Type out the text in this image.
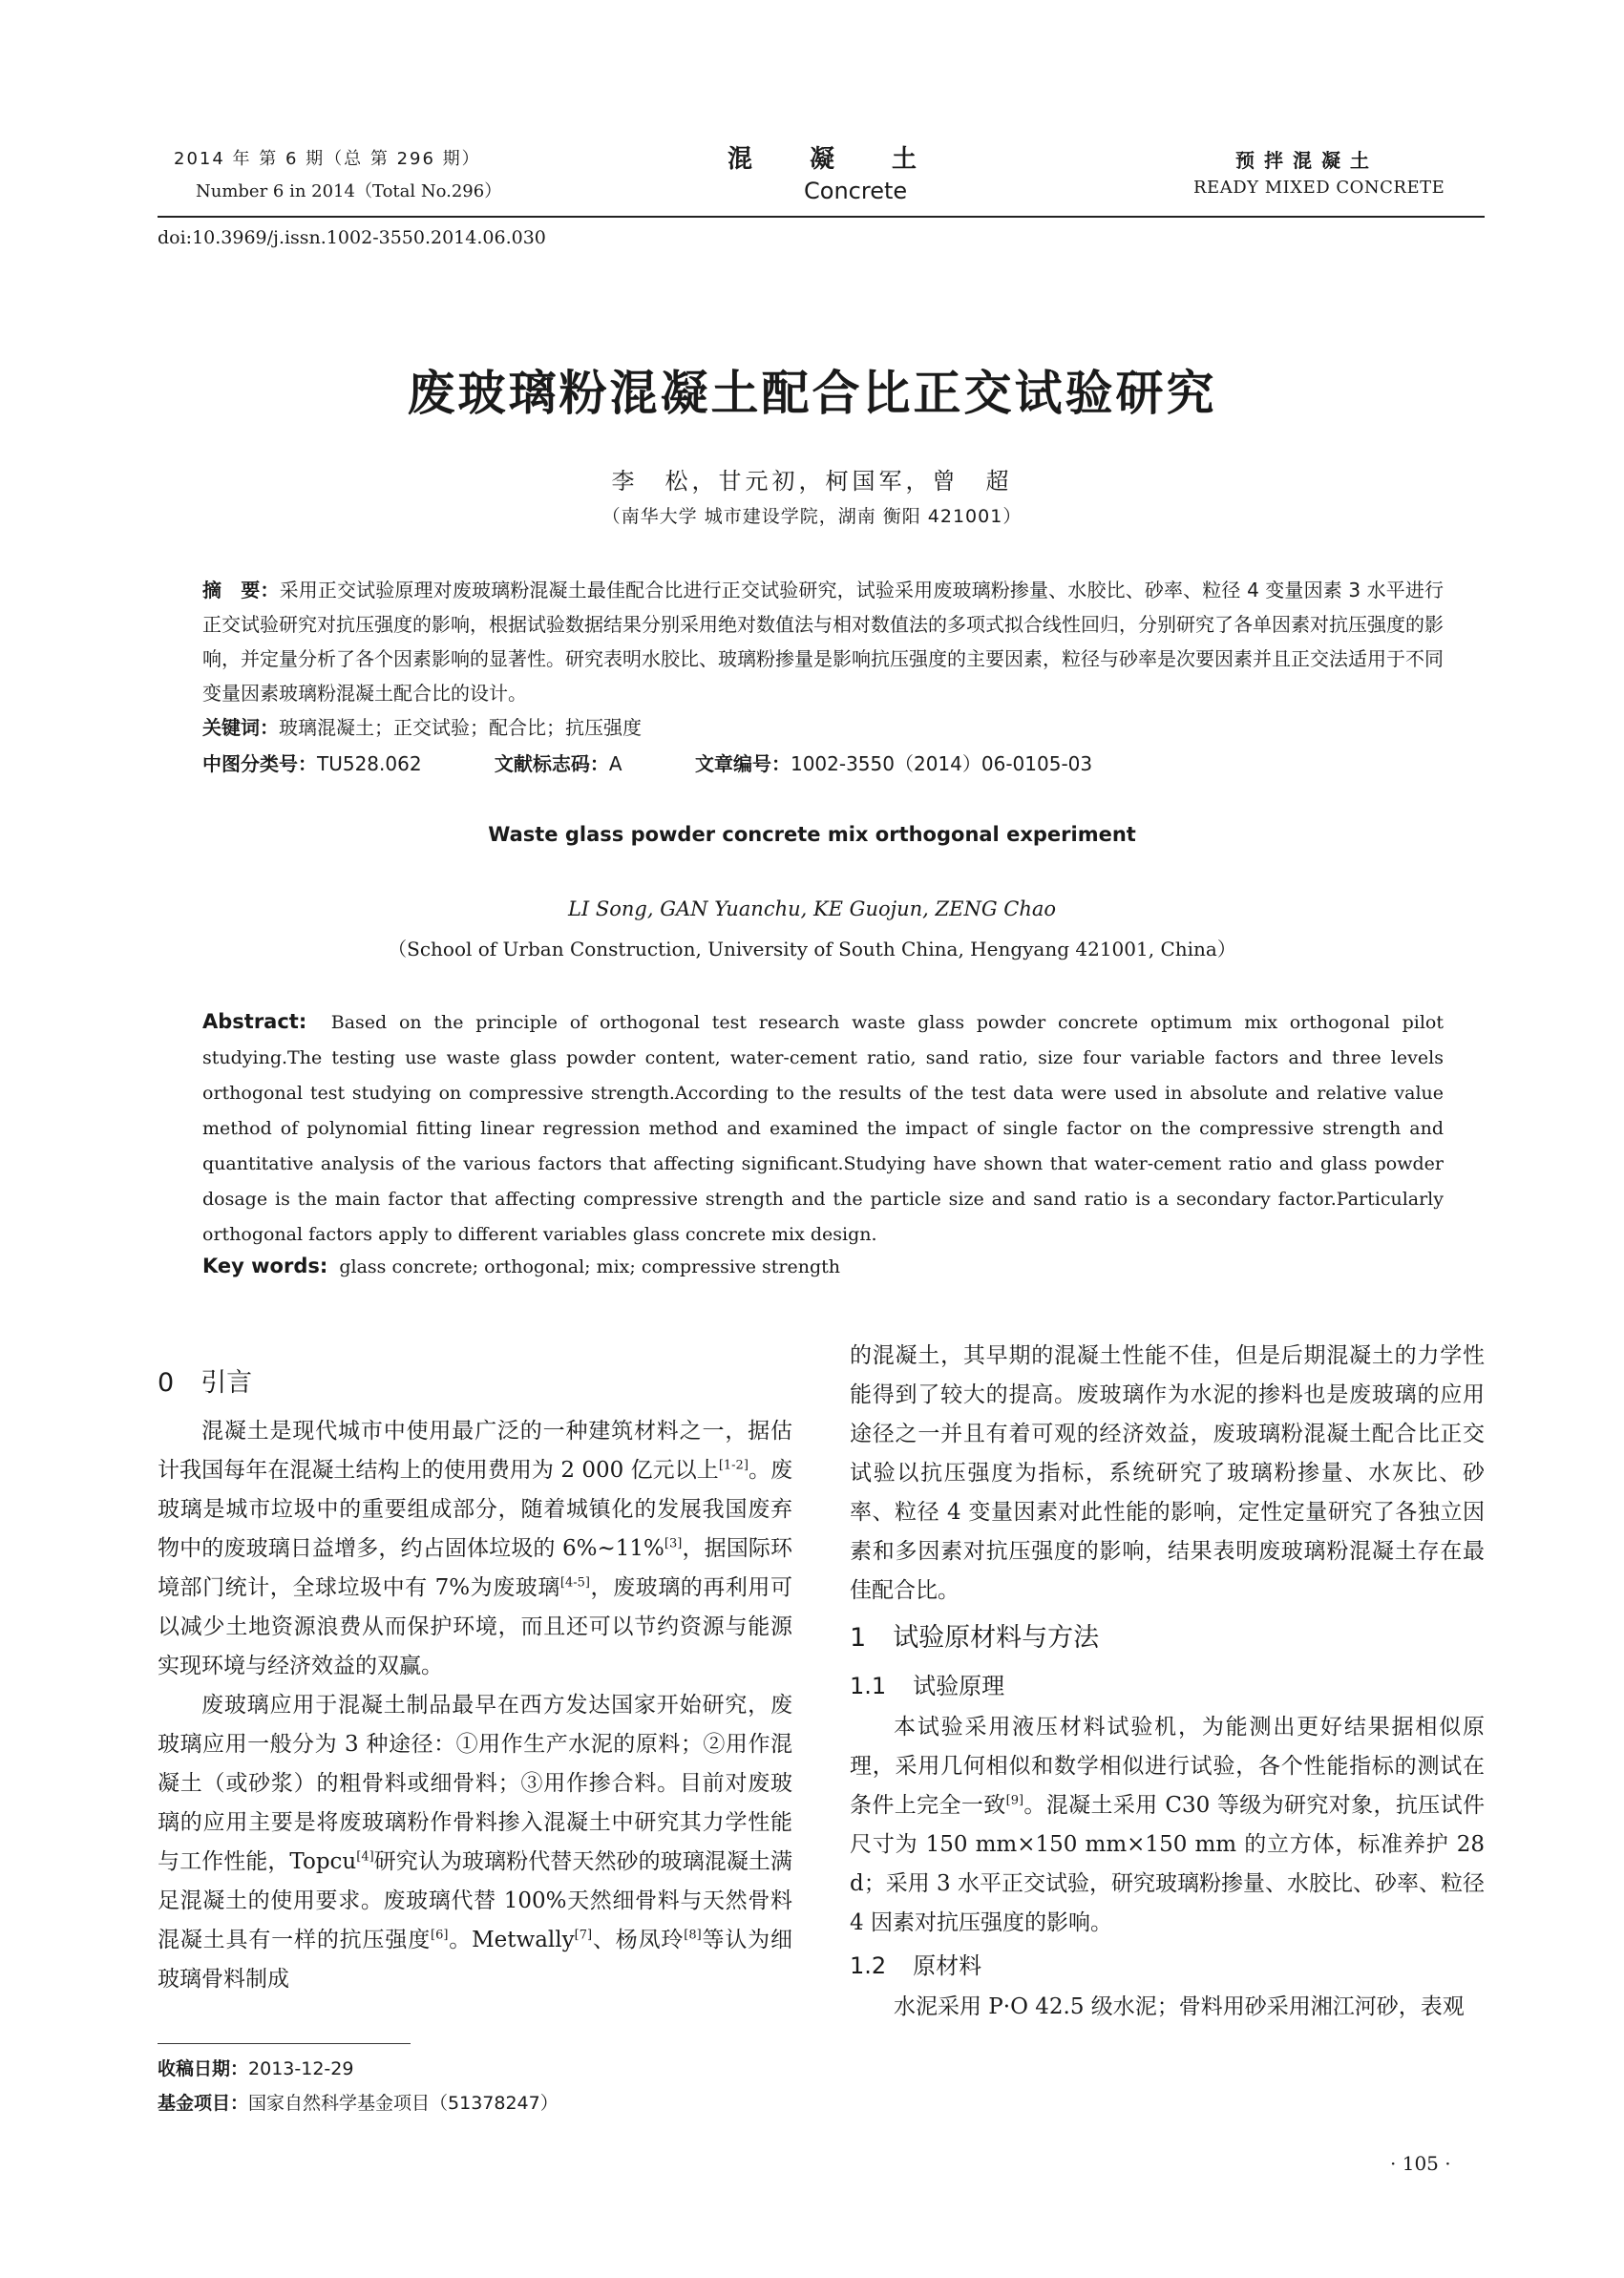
2014 年 第 6 期（总 第 296 期）
Number 6 in 2014（Total No.296）
混凝土
Concrete
预拌混凝土
READY MIXED CONCRETE
doi:10.3969/j.issn.1002-3550.2014.06.030
废玻璃粉混凝土配合比正交试验研究
李　松，甘元初，柯国军，曾　超
（南华大学 城市建设学院，湖南 衡阳 421001）
摘　要：采用正交试验原理对废玻璃粉混凝土最佳配合比进行正交试验研究，试验采用废玻璃粉掺量、水胶比、砂率、粒径 4 变量因素 3 水平进行正交试验研究对抗压强度的影响，根据试验数据结果分别采用绝对数值法与相对数值法的多项式拟合线性回归，分别研究了各单因素对抗压强度的影响，并定量分析了各个因素影响的显著性。研究表明水胶比、玻璃粉掺量是影响抗压强度的主要因素，粒径与砂率是次要因素并且正交法适用于不同变量因素玻璃粉混凝土配合比的设计。
关键词：玻璃混凝土；正交试验；配合比；抗压强度
中图分类号：TU528.062	文献标志码：A	文章编号：1002-3550（2014）06-0105-03
Waste glass powder concrete mix orthogonal experiment
LI Song, GAN Yuanchu, KE Guojun, ZENG Chao
（School of Urban Construction, University of South China, Hengyang 421001, China）
Abstract: Based on the principle of orthogonal test research waste glass powder concrete optimum mix orthogonal pilot studying.The testing use waste glass powder content, water-cement ratio, sand ratio, size four variable factors and three levels orthogonal test studying on compressive strength.According to the results of the test data were used in absolute and relative value method of polynomial fitting linear regression method and examined the impact of single factor on the compressive strength and quantitative analysis of the various factors that affecting significant.Studying have shown that water-cement ratio and glass powder dosage is the main factor that affecting compressive strength and the particle size and sand ratio is a secondary factor.Particularly orthogonal factors apply to different variables glass concrete mix design.
Key words: glass concrete; orthogonal; mix; compressive strength
0 引言

混凝土是现代城市中使用最广泛的一种建筑材料之一，据估计我国每年在混凝土结构上的使用费用为 2 000 亿元以上[1-2]。废玻璃是城市垃圾中的重要组成部分，随着城镇化的发展我国废弃物中的废玻璃日益增多，约占固体垃圾的 6%~11%[3]，据国际环境部门统计，全球垃圾中有 7%为废玻璃[4-5]，废玻璃的再利用可以减少土地资源浪费从而保护环境，而且还可以节约资源与能源实现环境与经济效益的双赢。

废玻璃应用于混凝土制品最早在西方发达国家开始研究，废玻璃应用一般分为 3 种途径：①用作生产水泥的原料；②用作混凝土（或砂浆）的粗骨料或细骨料；③用作掺合料。目前对废玻璃的应用主要是将废玻璃粉作骨料掺入混凝土中研究其力学性能与工作性能，Topcu[4]研究认为玻璃粉代替天然砂的玻璃混凝土满足混凝土的使用要求。废玻璃代替 100%天然细骨料与天然骨料混凝土具有一样的抗压强度[6]。Metwally[7]、杨凤玲[8]等认为细玻璃骨料制成

的混凝土，其早期的混凝土性能不佳，但是后期混凝土的力学性能得到了较大的提高。废玻璃作为水泥的掺料也是废玻璃的应用途径之一并且有着可观的经济效益，废玻璃粉混凝土配合比正交试验以抗压强度为指标，系统研究了玻璃粉掺量、水灰比、砂率、粒径 4 变量因素对此性能的影响，定性定量研究了各独立因素和多因素对抗压强度的影响，结果表明废玻璃粉混凝土存在最佳配合比。

1 试验原材料与方法
1.1 试验原理

本试验采用液压材料试验机，为能测出更好结果据相似原理，采用几何相似和数学相似进行试验，各个性能指标的测试在条件上完全一致[9]。混凝土采用 C30 等级为研究对象，抗压试件尺寸为 150 mm×150 mm×150 mm 的立方体，标准养护 28 d；采用 3 水平正交试验，研究玻璃粉掺量、水胶比、砂率、粒径 4 因素对抗压强度的影响。

1.2 原材料

水泥采用 P·O 42.5 级水泥；骨料用砂采用湘江河砂，表观

收稿日期：2013-12-29
基金项目：国家自然科学基金项目（51378247）
· 105 ·
